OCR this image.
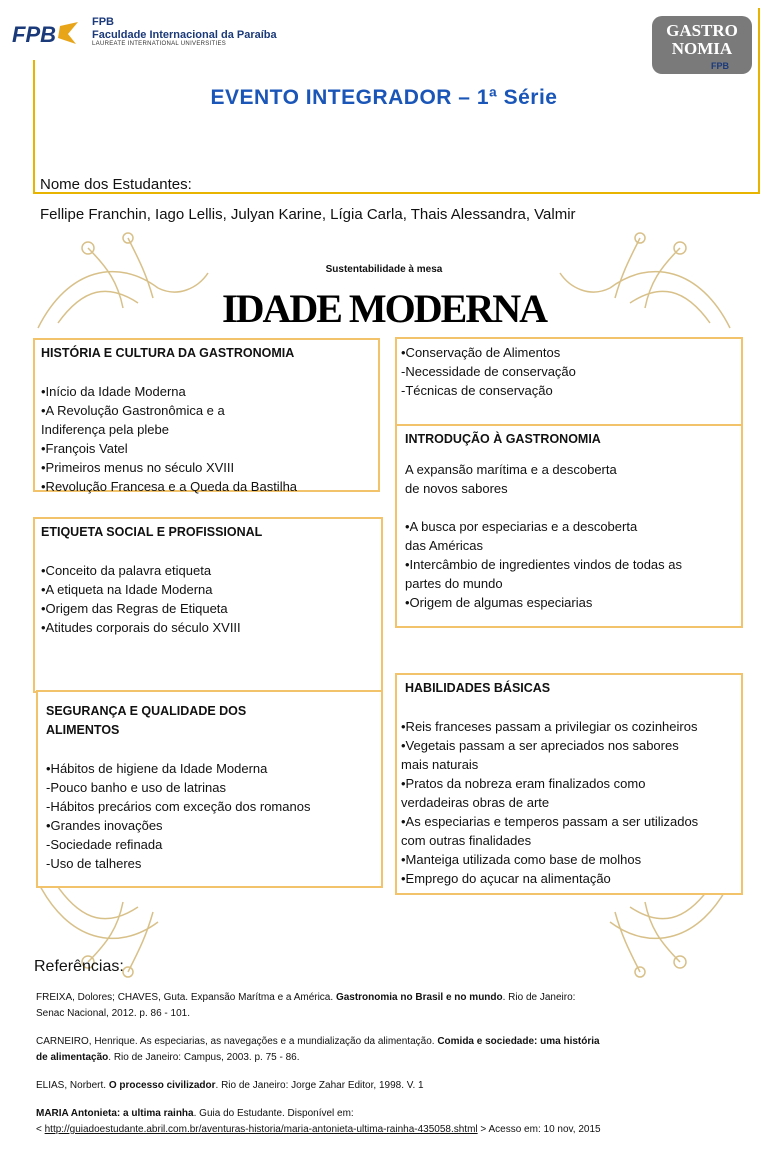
FPB	FPB
Faculdade Internacional da Paraíba
LAUREATE INTERNATIONAL UNIVERSITIES
GASTRO
NOMIA
FPB
EVENTO INTEGRADOR – 1ª Série
Nome dos Estudantes:
Fellipe Franchin, Iago Lellis, Julyan Karine, Lígia Carla, Thais Alessandra, Valmir
Sustentabilidade à mesa
IDADE MODERNA
HISTÓRIA E CULTURA DA GASTRONOMIA
•Início da Idade Moderna
•A Revolução Gastronômica e a
Indiferença pela plebe
•François Vatel
•Primeiros menus no século XVIII
•Revolução Francesa e a Queda da Bastilha
•Conservação de Alimentos
-Necessidade de conservação
-Técnicas de conservação
INTRODUÇÃO À GASTRONOMIA
A expansão marítima e a descoberta
de novos sabores
•A busca por especiarias e a descoberta
das Américas
•Intercâmbio de ingredientes vindos de todas as
partes do mundo
•Origem de algumas especiarias
ETIQUETA SOCIAL E PROFISSIONAL
•Conceito da palavra etiqueta
•A etiqueta na Idade Moderna
•Origem das Regras de Etiqueta
•Atitudes corporais do século XVIII
SEGURANÇA E QUALIDADE DOS
ALIMENTOS
•Hábitos de higiene da Idade Moderna
-Pouco banho e uso de latrinas
-Hábitos precários com exceção dos romanos
•Grandes inovações
-Sociedade refinada
-Uso de talheres
HABILIDADES BÁSICAS
•Reis franceses passam a privilegiar os cozinheiros
•Vegetais passam a ser apreciados nos sabores
mais naturais
•Pratos da nobreza eram finalizados como
verdadeiras obras de arte
•As especiarias e temperos passam a ser utilizados
com outras finalidades
•Manteiga utilizada como base de molhos
•Emprego do açucar na alimentação
Referências:
FREIXA, Dolores; CHAVES, Guta. Expansão Marítma e a América. Gastronomia no Brasil e no mundo. Rio de Janeiro:
Senac Nacional, 2012. p. 86 - 101.
CARNEIRO, Henrique. As especiarias, as navegações e a mundialização da alimentação. Comida e sociedade: uma história
de alimentação. Rio de Janeiro: Campus, 2003. p. 75 - 86.
ELIAS, Norbert. O processo civilizador. Rio de Janeiro: Jorge Zahar Editor, 1998. V. 1
MARIA Antonieta: a ultima rainha. Guia do Estudante. Disponível em:
< http://guiadoestudante.abril.com.br/aventuras-historia/maria-antonieta-ultima-rainha-435058.shtml > Acesso em: 10 nov, 2015
